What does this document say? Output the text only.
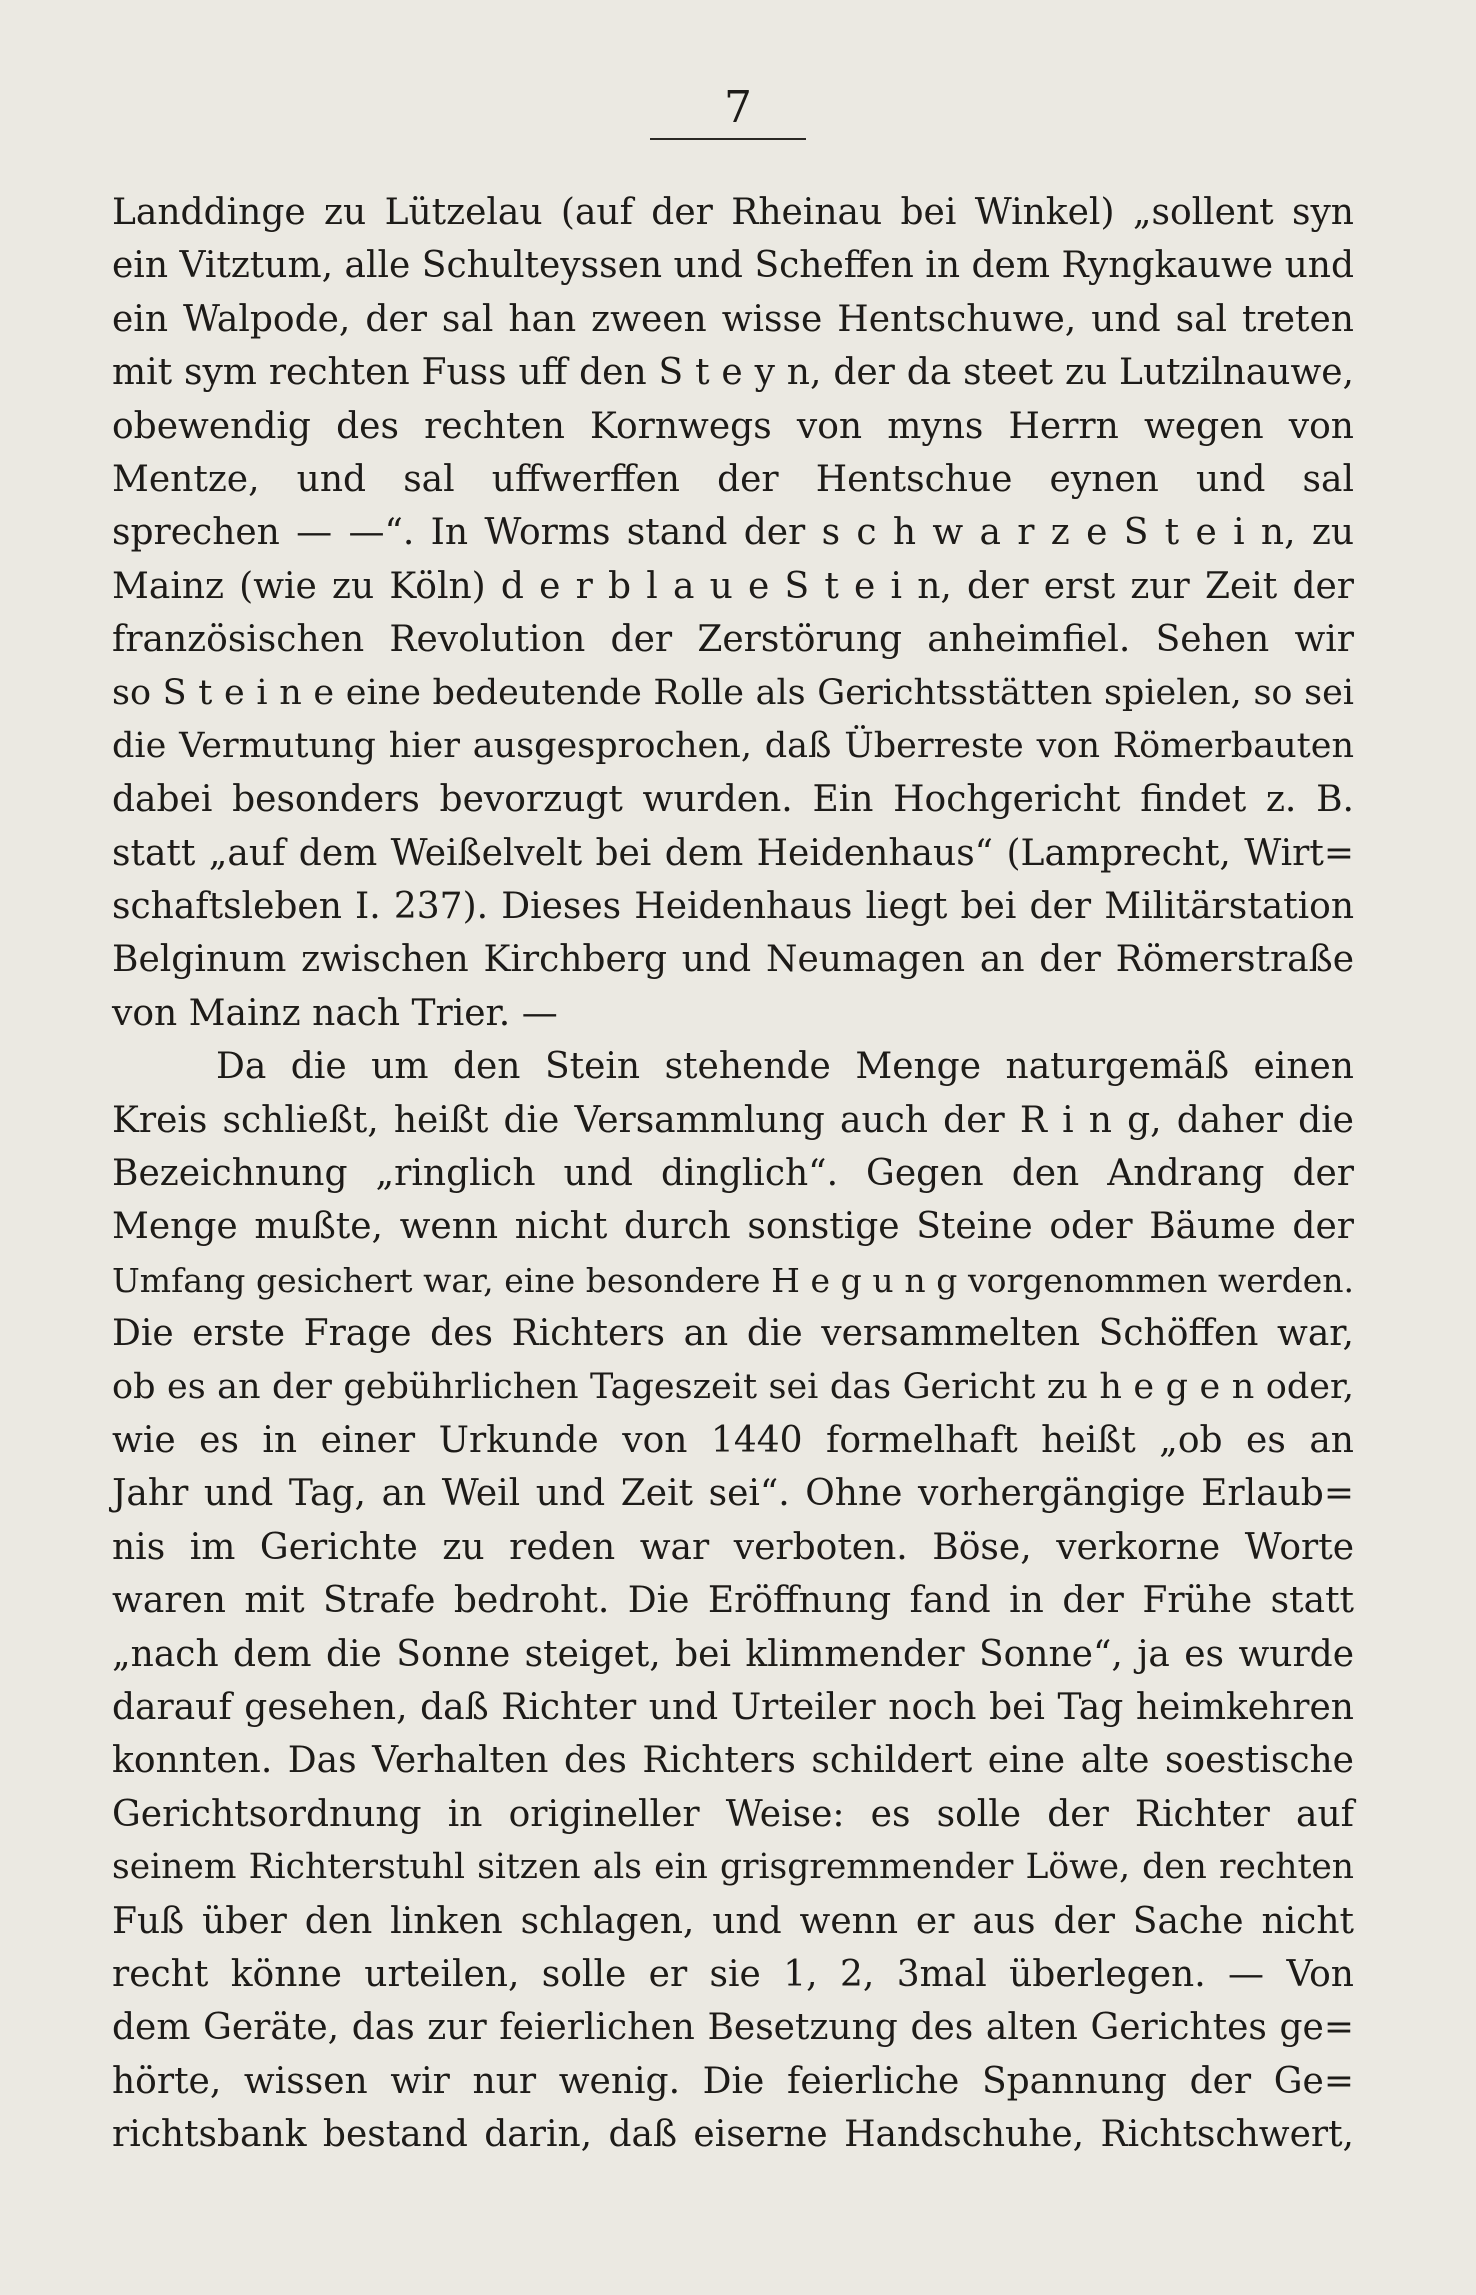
7
Landdinge zu Lützelau (auf der Rheinau bei Winkel) „sollent syn
ein Vitztum, alle Schulteyssen und Scheffen in dem Ryngkauwe und
ein Walpode, der sal han zween wisse Hentschuwe, und sal treten
mit sym rechten Fuss uff den S t e y n, der da steet zu Lutzilnauwe,
obewendig des rechten Kornwegs von myns Herrn wegen von
Mentze, und sal uffwerffen der Hentschue eynen und sal
sprechen — —“. In Worms stand der s c h w a r z e S t e i n, zu
Mainz (wie zu Köln) d e r b l a u e S t e i n, der erst zur Zeit der
französischen Revolution der Zerstörung anheimfiel. Sehen wir
so S t e i n e eine bedeutende Rolle als Gerichtsstätten spielen, so sei
die Vermutung hier ausgesprochen, daß Überreste von Römerbauten
dabei besonders bevorzugt wurden. Ein Hochgericht findet z. B.
statt „auf dem Weißelvelt bei dem Heidenhaus“ (Lamprecht, Wirt=
schaftsleben I. 237). Dieses Heidenhaus liegt bei der Militärstation
Belginum zwischen Kirchberg und Neumagen an der Römerstraße
von Mainz nach Trier. —
Da die um den Stein stehende Menge naturgemäß einen
Kreis schließt, heißt die Versammlung auch der R i n g, daher die
Bezeichnung „ringlich und dinglich“. Gegen den Andrang der
Menge mußte, wenn nicht durch sonstige Steine oder Bäume der
Umfang gesichert war, eine besondere H e g u n g vorgenommen werden.
Die erste Frage des Richters an die versammelten Schöffen war,
ob es an der gebührlichen Tageszeit sei das Gericht zu h e g e n oder,
wie es in einer Urkunde von 1440 formelhaft heißt „ob es an
Jahr und Tag, an Weil und Zeit sei“. Ohne vorhergängige Erlaub=
nis im Gerichte zu reden war verboten. Böse, verkorne Worte
waren mit Strafe bedroht. Die Eröffnung fand in der Frühe statt
„nach dem die Sonne steiget, bei klimmender Sonne“, ja es wurde
darauf gesehen, daß Richter und Urteiler noch bei Tag heimkehren
konnten. Das Verhalten des Richters schildert eine alte soestische
Gerichtsordnung in origineller Weise: es solle der Richter auf
seinem Richterstuhl sitzen als ein grisgremmender Löwe, den rechten
Fuß über den linken schlagen, und wenn er aus der Sache nicht
recht könne urteilen, solle er sie 1, 2, 3mal überlegen. — Von
dem Geräte, das zur feierlichen Besetzung des alten Gerichtes ge=
hörte, wissen wir nur wenig. Die feierliche Spannung der Ge=
richtsbank bestand darin, daß eiserne Handschuhe, Richtschwert,
